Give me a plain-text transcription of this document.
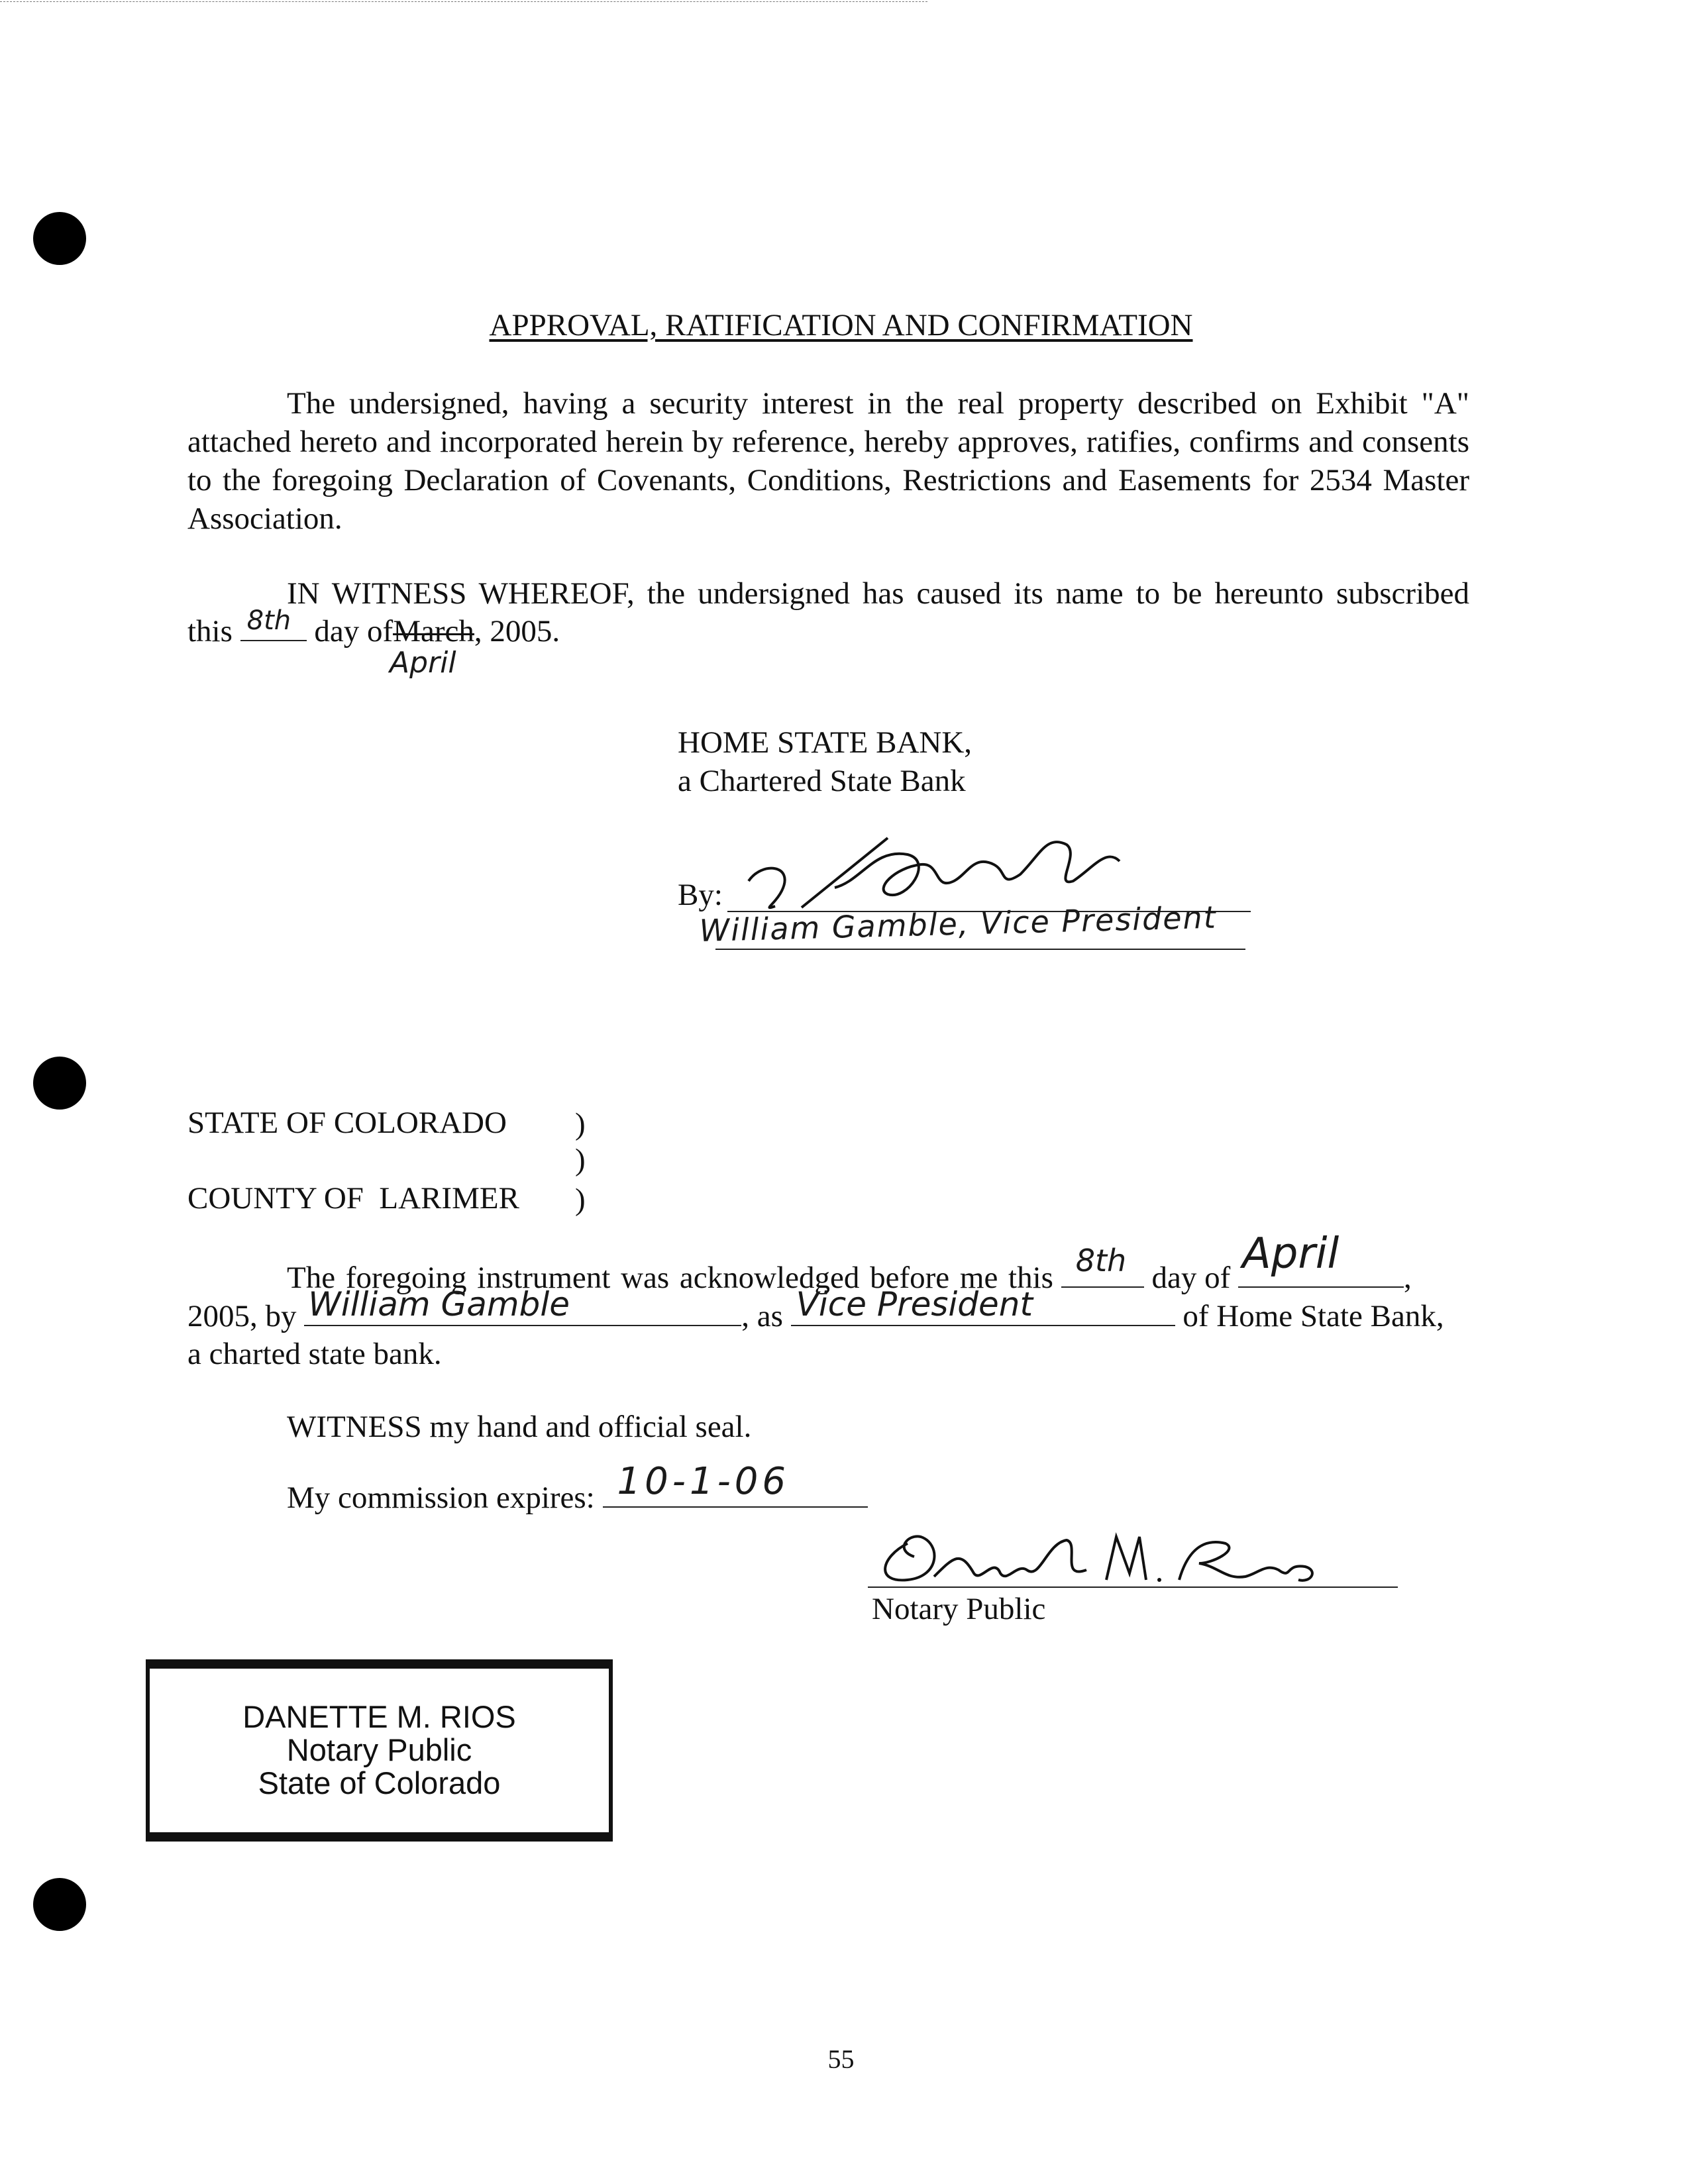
APPROVAL, RATIFICATION AND CONFIRMATION
The undersigned, having a security interest in the real property described on Exhibit "A" attached hereto and incorporated herein by reference, hereby approves, ratifies, confirms and consents to the foregoing Declaration of Covenants, Conditions, Restrictions and Easements for 2534 Master Association.
IN WITNESS WHEREOF, the undersigned has caused its name to be hereunto subscribed
this 8th day ofMarch, 2005.
April
HOME STATE BANK,
a Chartered State Bank
By:
William Gamble, Vice President
STATE OF COLORADO )
)
COUNTY OF  LARIMER )
The foregoing instrument was acknowledged before me this 8th day of April ,
2005, by William Gamble	, as Vice President	of Home State Bank,
a charted state bank.
WITNESS my hand and official seal.
My commission expires: 10-1-06
Notary Public
DANETTE M. RIOS
Notary Public
State of Colorado
55
